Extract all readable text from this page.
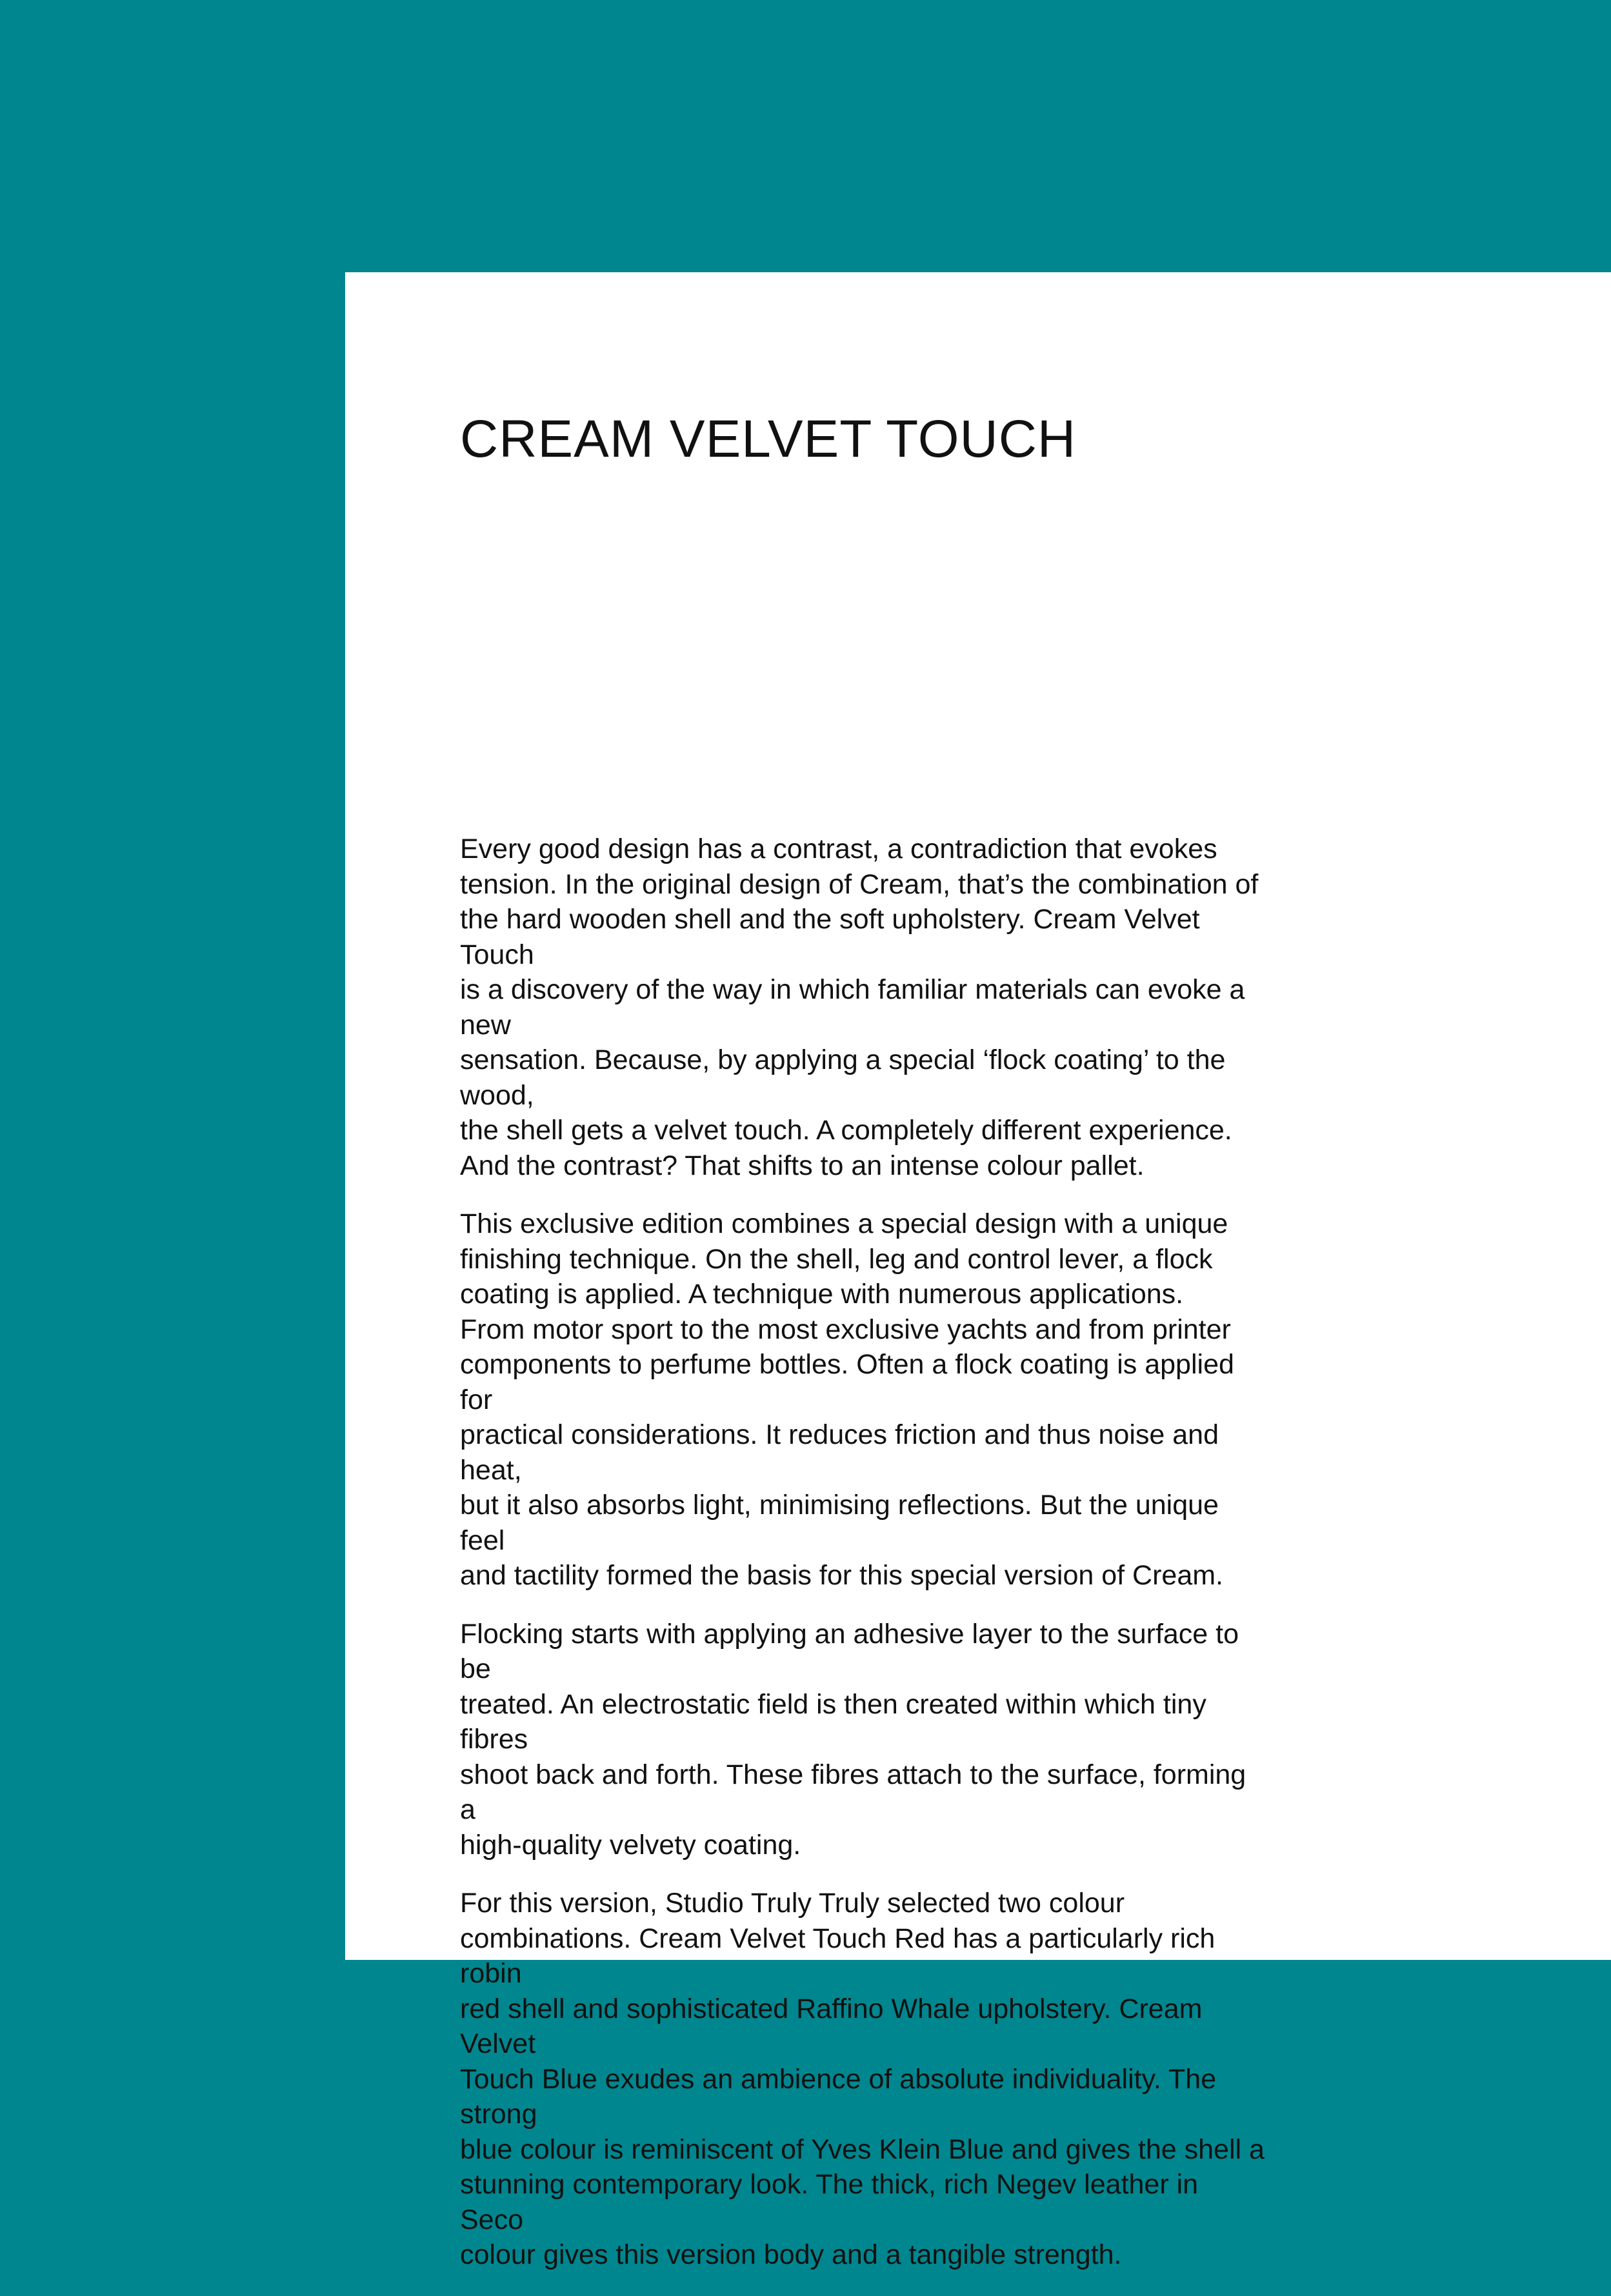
CREAM VELVET TOUCH

Every good design has a contrast, a contradiction that evokes
tension. In the original design of Cream, that’s the combination of
the hard wooden shell and the soft upholstery. Cream Velvet Touch
is a discovery of the way in which familiar materials can evoke a new
sensation. Because, by applying a special ‘flock coating’ to the wood,
the shell gets a velvet touch. A completely different experience.
And the contrast? That shifts to an intense colour pallet.

This exclusive edition combines a special design with a unique
finishing technique. On the shell, leg and control lever, a flock
coating is applied. A technique with numerous applications.
From motor sport to the most exclusive yachts and from printer
components to perfume bottles. Often a flock coating is applied for
practical considerations. It reduces friction and thus noise and heat,
but it also absorbs light, minimising reflections. But the unique feel
and tactility formed the basis for this special version of Cream.

Flocking starts with applying an adhesive layer to the surface to be
treated. An electrostatic field is then created within which tiny fibres
shoot back and forth. These fibres attach to the surface, forming a
high-quality velvety coating.

For this version, Studio Truly Truly selected two colour
combinations. Cream Velvet Touch Red has a particularly rich robin
red shell and sophisticated Raffino Whale upholstery. Cream Velvet
Touch Blue exudes an ambience of absolute individuality. The strong
blue colour is reminiscent of Yves Klein Blue and gives the shell a
stunning contemporary look. The thick, rich Negev leather in Seco
colour gives this version body and a tangible strength.
